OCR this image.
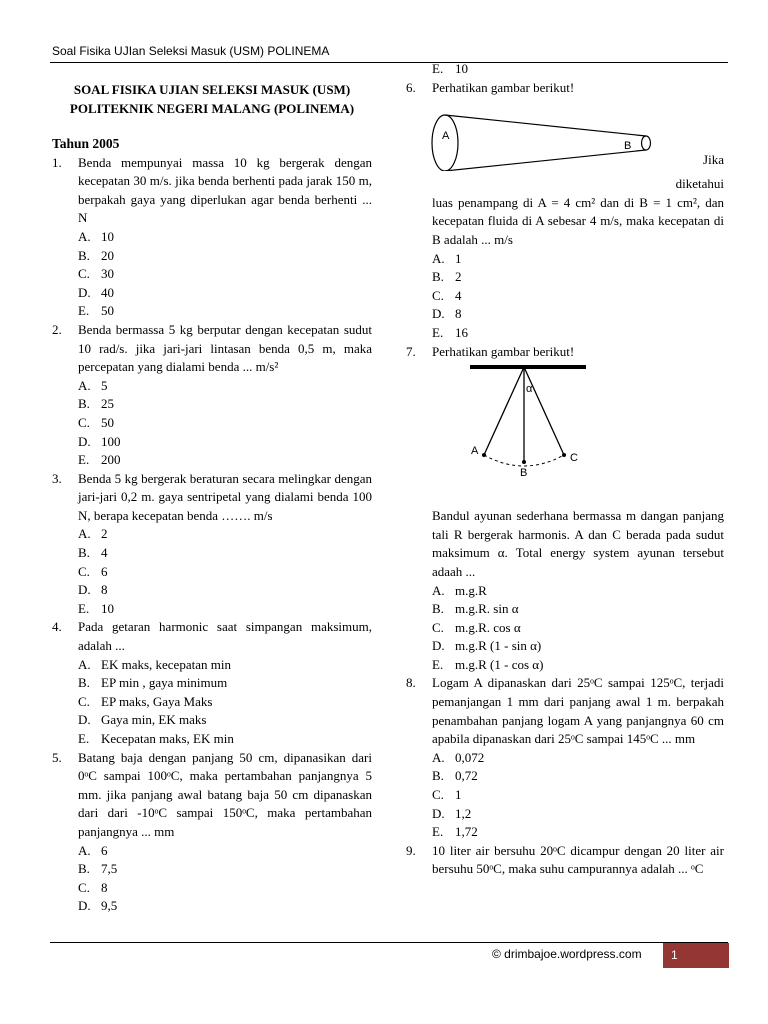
Soal Fisika UJIan Seleksi Masuk (USM) POLINEMA
SOAL FISIKA UJIAN SELEKSI MASUK (USM)
POLITEKNIK NEGERI MALANG (POLINEMA)
Tahun 2005
1.	Benda mempunyai massa 10 kg bergerak dengan kecepatan 30 m/s. jika benda berhenti pada jarak 150 m, berpakah gaya yang diperlukan agar benda berhenti ... N
A. 10
B. 20
C. 30
D. 40
E. 50
2.	Benda bermassa 5 kg berputar dengan kecepatan sudut 10 rad/s. jika jari-jari lintasan benda 0,5 m, maka percepatan yang dialami benda ... m/s²
A. 5
B. 25
C. 50
D. 100
E. 200
3.	Benda 5 kg bergerak beraturan secara melingkar dengan jari-jari 0,2 m. gaya sentripetal yang dialami benda 100 N, berapa kecepatan benda ……. m/s
A. 2
B. 4
C. 6
D. 8
E. 10
4.	Pada getaran harmonic saat simpangan maksimum, adalah ...
A. EK maks, kecepatan min
B. EP min , gaya minimum
C. EP maks, Gaya Maks
D. Gaya min, EK maks
E. Kecepatan maks, EK min
5.	Batang baja dengan panjang 50 cm, dipanasikan dari 0ᵒC sampai 100ᵒC, maka pertambahan panjangnya 5 mm. jika panjang awal batang baja 50 cm dipanaskan dari dari -10ᵒC sampai 150ᵒC, maka pertambahan panjangnya ... mm
A. 6
B. 7,5
C. 8
D. 9,5
E. 10
6.	Perhatikan gambar berikut!
A
B
Jika
diketahui
luas penampang di A = 4 cm² dan di B = 1 cm², dan kecepatan fluida di A sebesar 4 m/s, maka kecepatan di B adalah ... m/s
A. 1
B. 2
C. 4
D. 8
E. 16
7.	Perhatikan gambar berikut!
α
A
B
C
Bandul ayunan sederhana bermassa m dangan panjang tali R bergerak harmonis. A dan C berada pada sudut maksimum α. Total energy system ayunan tersebut adaah ...
A. m.g.R
B. m.g.R. sin α
C. m.g.R. cos α
D. m.g.R (1 - sin α)
E. m.g.R (1 - cos α)
8.	Logam A dipanaskan dari 25ᵒC sampai 125ᵒC, terjadi pemanjangan 1 mm dari panjang awal 1 m. berpakah penambahan panjang logam A yang panjangnya 60 cm apabila dipanaskan dari 25ᵒC sampai 145ᵒC ... mm
A. 0,072
B. 0,72
C. 1
D. 1,2
E. 1,72
9.	10 liter air bersuhu 20ᵒC dicampur dengan 20 liter air bersuhu 50ᵒC, maka suhu campurannya adalah ... ᵒC
© drimbajoe.wordpress.com	1
